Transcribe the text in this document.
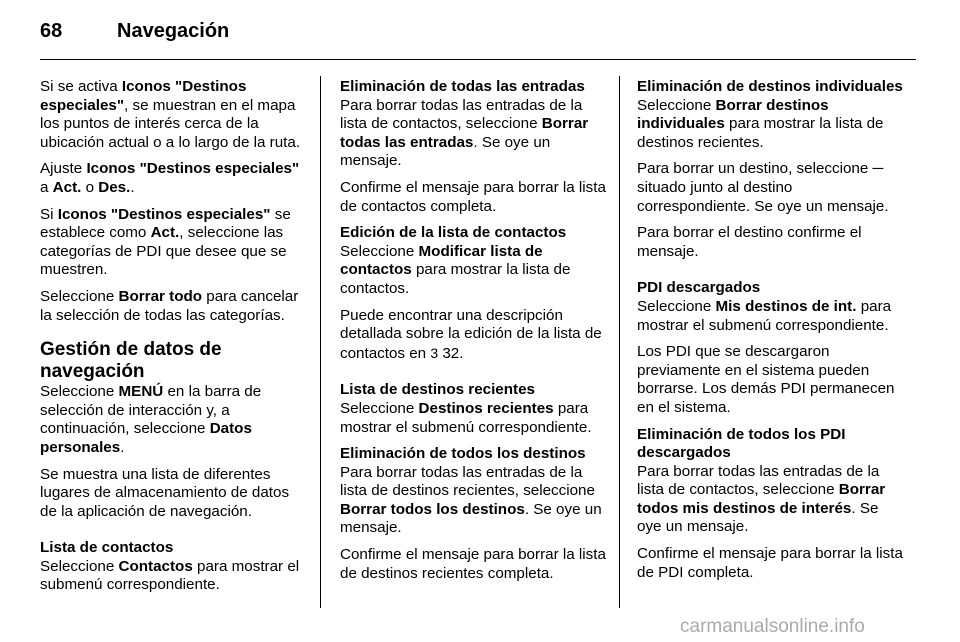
68	Navegación

Si se activa Iconos "Destinos especiales", se muestran en el mapa los puntos de interés cerca de la ubicación actual o a lo largo de la ruta.

Ajuste Iconos "Destinos especiales" a Act. o Des..

Si Iconos "Destinos especiales" se establece como Act., seleccione las categorías de PDI que desee que se muestren.

Seleccione Borrar todo para cancelar la selección de todas las categorías.

Gestión de datos de navegación

Seleccione MENÚ en la barra de selección de interacción y, a continuación, seleccione Datos personales.

Se muestra una lista de diferentes lugares de almacenamiento de datos de la aplicación de navegación.

Lista de contactos

Seleccione Contactos para mostrar el submenú correspondiente.

Eliminación de todas las entradas

Para borrar todas las entradas de la lista de contactos, seleccione Borrar todas las entradas. Se oye un mensaje.

Confirme el mensaje para borrar la lista de contactos completa.

Edición de la lista de contactos

Seleccione Modificar lista de contactos para mostrar la lista de contactos.

Puede encontrar una descripción detallada sobre la edición de la lista de contactos en 3 32.

Lista de destinos recientes

Seleccione Destinos recientes para mostrar el submenú correspondiente.

Eliminación de todos los destinos

Para borrar todas las entradas de la lista de destinos recientes, seleccione Borrar todos los destinos. Se oye un mensaje.

Confirme el mensaje para borrar la lista de destinos recientes completa.

Eliminación de destinos individuales

Seleccione Borrar destinos individuales para mostrar la lista de destinos recientes.

Para borrar un destino, seleccione ─ situado junto al destino correspondiente. Se oye un mensaje.

Para borrar el destino confirme el mensaje.

PDI descargados

Seleccione Mis destinos de int. para mostrar el submenú correspondiente.

Los PDI que se descargaron previamente en el sistema pueden borrarse. Los demás PDI permanecen en el sistema.

Eliminación de todos los PDI descargados

Para borrar todas las entradas de la lista de contactos, seleccione Borrar todos mis destinos de interés. Se oye un mensaje.

Confirme el mensaje para borrar la lista de PDI completa.

carmanualsonline.info
